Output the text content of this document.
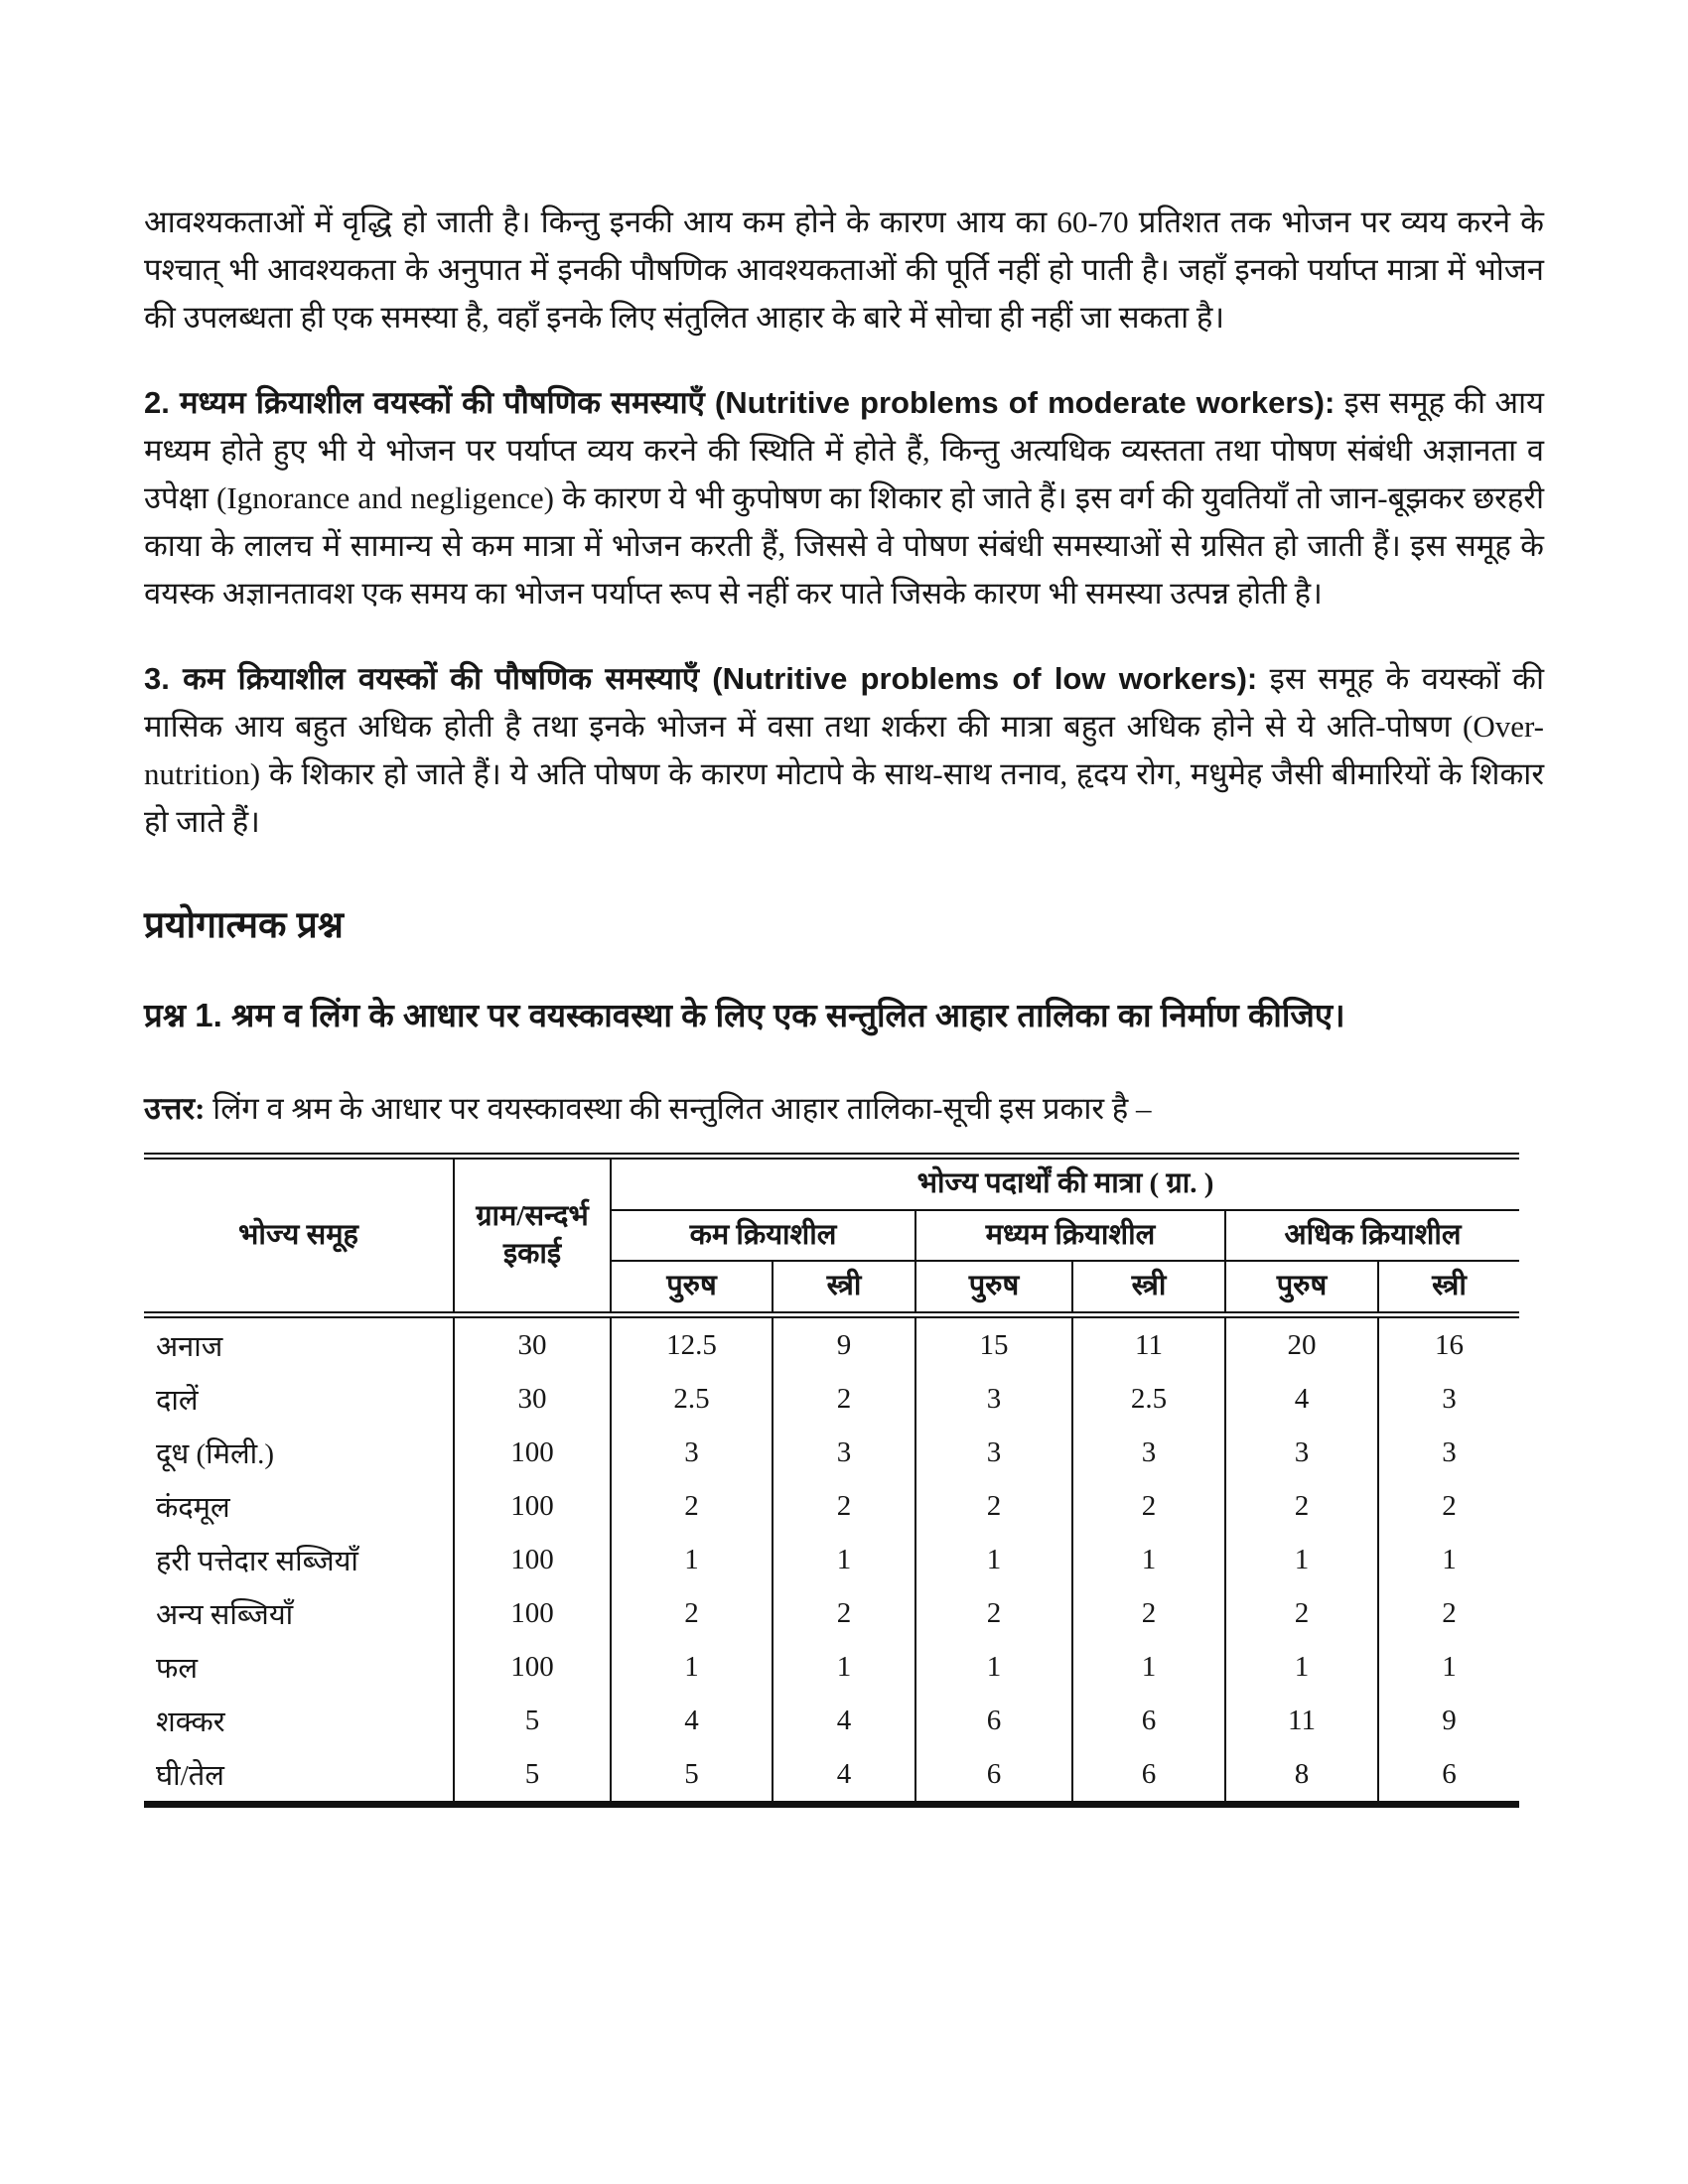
आवश्यकताओं में वृद्धि हो जाती है। किन्तु इनकी आय कम होने के कारण आय का 60-70 प्रतिशत तक भोजन पर व्यय करने के पश्चात् भी आवश्यकता के अनुपात में इनकी पौषणिक आवश्यकताओं की पूर्ति नहीं हो पाती है। जहाँ इनको पर्याप्त मात्रा में भोजन की उपलब्धता ही एक समस्या है, वहाँ इनके लिए संतुलित आहार के बारे में सोचा ही नहीं जा सकता है।

2. मध्यम क्रियाशील वयस्कों की पौषणिक समस्याएँ (Nutritive problems of moderate workers): इस समूह की आय मध्यम होते हुए भी ये भोजन पर पर्याप्त व्यय करने की स्थिति में होते हैं, किन्तु अत्यधिक व्यस्तता तथा पोषण संबंधी अज्ञानता व उपेक्षा (Ignorance and negligence) के कारण ये भी कुपोषण का शिकार हो जाते हैं। इस वर्ग की युवतियाँ तो जान-बूझकर छरहरी काया के लालच में सामान्य से कम मात्रा में भोजन करती हैं, जिससे वे पोषण संबंधी समस्याओं से ग्रसित हो जाती हैं। इस समूह के वयस्क अज्ञानतावश एक समय का भोजन पर्याप्त रूप से नहीं कर पाते जिसके कारण भी समस्या उत्पन्न होती है।

3. कम क्रियाशील वयस्कों की पौषणिक समस्याएँ (Nutritive problems of low workers): इस समूह के वयस्कों की मासिक आय बहुत अधिक होती है तथा इनके भोजन में वसा तथा शर्करा की मात्रा बहुत अधिक होने से ये अति-पोषण (Over-nutrition) के शिकार हो जाते हैं। ये अति पोषण के कारण मोटापे के साथ-साथ तनाव, हृदय रोग, मधुमेह जैसी बीमारियों के शिकार हो जाते हैं।

प्रयोगात्मक प्रश्न

प्रश्न 1. श्रम व लिंग के आधार पर वयस्कावस्था के लिए एक सन्तुलित आहार तालिका का निर्माण कीजिए।

उत्तर: लिंग व श्रम के आधार पर वयस्कावस्था की सन्तुलित आहार तालिका-सूची इस प्रकार है –

भोज्य समूह	ग्राम/सन्दर्भ इकाई	भोज्य पदार्थों की मात्रा ( ग्रा. )					
		कम क्रियाशील		मध्यम क्रियाशील		अधिक क्रियाशील	
		पुरुष	स्त्री	पुरुष	स्त्री	पुरुष	स्त्री
अनाज	30	12.5	9	15	11	20	16
दालें	30	2.5	2	3	2.5	4	3
दूध (मिली.)	100	3	3	3	3	3	3
कंदमूल	100	2	2	2	2	2	2
हरी पत्तेदार सब्जियाँ	100	1	1	1	1	1	1
अन्य सब्जियाँ	100	2	2	2	2	2	2
फल	100	1	1	1	1	1	1
शक्कर	5	4	4	6	6	11	9
घी/तेल	5	5	4	6	6	8	6
